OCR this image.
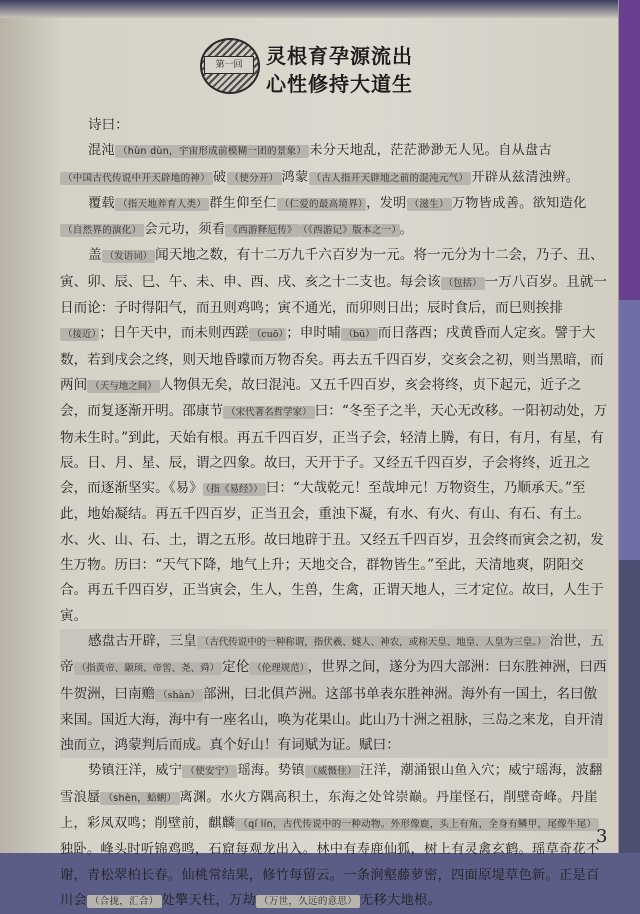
第一回	灵根育孕源流出
心性修持大道生

诗曰：

混沌 （hùn dùn，宇宙形成前模糊一团的景象） 未分天地乱，茫茫渺渺无人见。自从盘古（中国古代传说中开天辟地的神） 破 （使分开） 鸿蒙 （古人指开天辟地之前的混沌元气） 开辟从兹清浊辨。

覆载 （指天地养育人类） 群生仰至仁 （仁爱的最高境界） ，发明 （滋生） 万物皆成善。欲知造化（自然界的演化） 会元功，须看 《西游释厄传》 （《西游记》版本之一） 。

盖 （发语词） 闻天地之数，有十二万九千六百岁为一元。将一元分为十二会，乃子、丑、寅、卯、辰、巳、午、未、申、酉、戌、亥之十二支也。每会该 （包括） 一万八百岁。且就一日而论：子时得阳气，而丑则鸡鸣；寅不通光，而卯则日出；辰时食后，而巳则挨排（接近） ；日午天中，而未则西蹉 （cuō） ；申时晡 （bū） 而日落酉；戌黄昏而人定亥。譬于大数，若到戌会之终，则天地昏曚而万物否矣。再去五千四百岁，交亥会之初，则当黑暗，而两间 （天与地之间） 人物俱无矣，故曰混沌。又五千四百岁，亥会将终，贞下起元，近子之会，而复逐渐开明。邵康节 （宋代著名哲学家） 曰：“冬至子之半，天心无改移。一阳初动处，万物未生时。”到此，天始有根。再五千四百岁，正当子会，轻清上腾，有日，有月，有星，有辰。日、月、星、辰，谓之四象。故曰，天开于子。又经五千四百岁，子会将终，近丑之会，而逐渐坚实。《易》 （指《易经》） 曰：“大哉乾元！至哉坤元！万物资生，乃顺承天。”至此，地始凝结。再五千四百岁，正当丑会，重浊下凝，有水、有火、有山、有石、有土。水、火、山、石、土，谓之五形。故曰地辟于丑。又经五千四百岁，丑会终而寅会之初，发生万物。历曰：“天气下降，地气上升；天地交合，群物皆生。”至此，天清地爽，阴阳交合。再五千四百岁，正当寅会，生人，生兽，生禽，正谓天地人，三才定位。故曰，人生于寅。

感盘古开辟，三皇 （古代传说中的一种称谓，指伏羲、燧人、神农，或称天皇、地皇、人皇为三皇。） 治世，五帝 （指黄帝、颛顼、帝喾、尧、舜） 定伦 （伦理规范） ，世界之间，遂分为四大部洲：曰东胜神洲，曰西牛贺洲，曰南赡 （shàn） 部洲，曰北俱芦洲。这部书单表东胜神洲。海外有一国土，名曰傲来国。国近大海，海中有一座名山，唤为花果山。此山乃十洲之祖脉，三岛之来龙，自开清浊而立，鸿蒙判后而成。真个好山！有词赋为证。赋曰：

势镇汪洋，威宁 （使安宁） 瑶海。势镇 （威慑住） 汪洋，潮涌银山鱼入穴；威宁瑶海，波翻雪浪蜃 （shèn，蛤蜊） 离渊。水火方隅高积土，东海之处耸崇巅。丹崖怪石，削壁奇峰。丹崖上，彩凤双鸣；削壁前，麒麟 （qí lín，古代传说中的一种动物。外形像鹿，头上有角，全身有鳞甲，尾像牛尾）独卧。峰头时听锦鸡鸣，石窟每观龙出入。林中有寿鹿仙狐，树上有灵禽玄鹤。瑶草奇花不谢，青松翠柏长春。仙桃常结果，修竹每留云。一条涧壑藤萝密，四面原堤草色新。正是百川会 （合拢，汇合） 处擎天柱，万劫 （万世，久远的意思） 无移大地根。

3
